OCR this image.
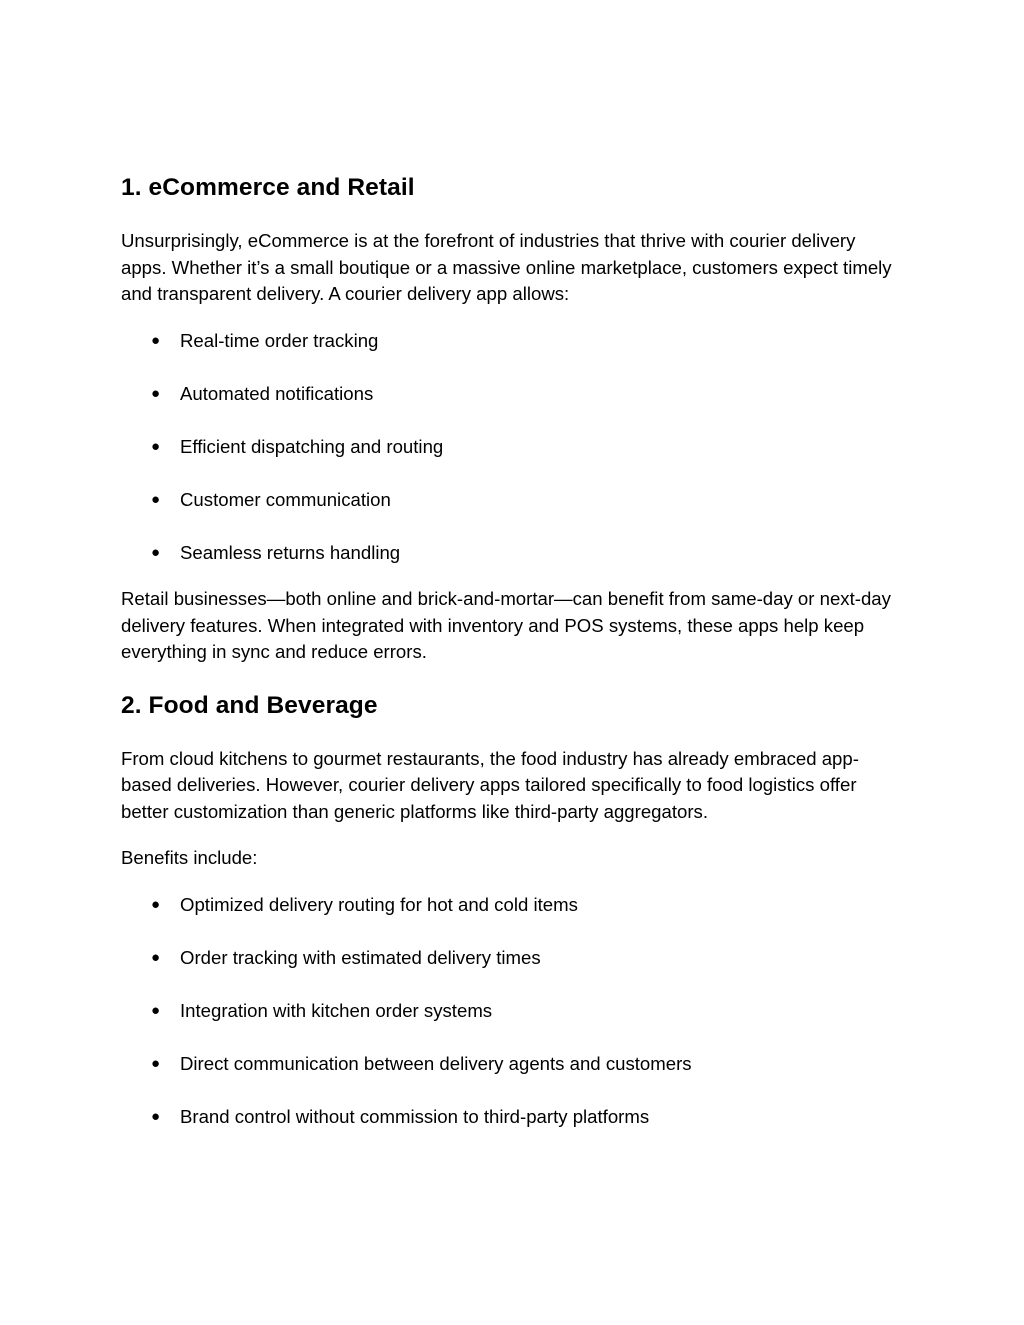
1. eCommerce and Retail

Unsurprisingly, eCommerce is at the forefront of industries that thrive with courier delivery apps. Whether it’s a small boutique or a massive online marketplace, customers expect timely and transparent delivery. A courier delivery app allows:

● Real-time order tracking
● Automated notifications
● Efficient dispatching and routing
● Customer communication
● Seamless returns handling

Retail businesses—both online and brick-and-mortar—can benefit from same-day or next-day delivery features. When integrated with inventory and POS systems, these apps help keep everything in sync and reduce errors.

2. Food and Beverage

From cloud kitchens to gourmet restaurants, the food industry has already embraced app-based deliveries. However, courier delivery apps tailored specifically to food logistics offer better customization than generic platforms like third-party aggregators.

Benefits include:

● Optimized delivery routing for hot and cold items
● Order tracking with estimated delivery times
● Integration with kitchen order systems
● Direct communication between delivery agents and customers
● Brand control without commission to third-party platforms
